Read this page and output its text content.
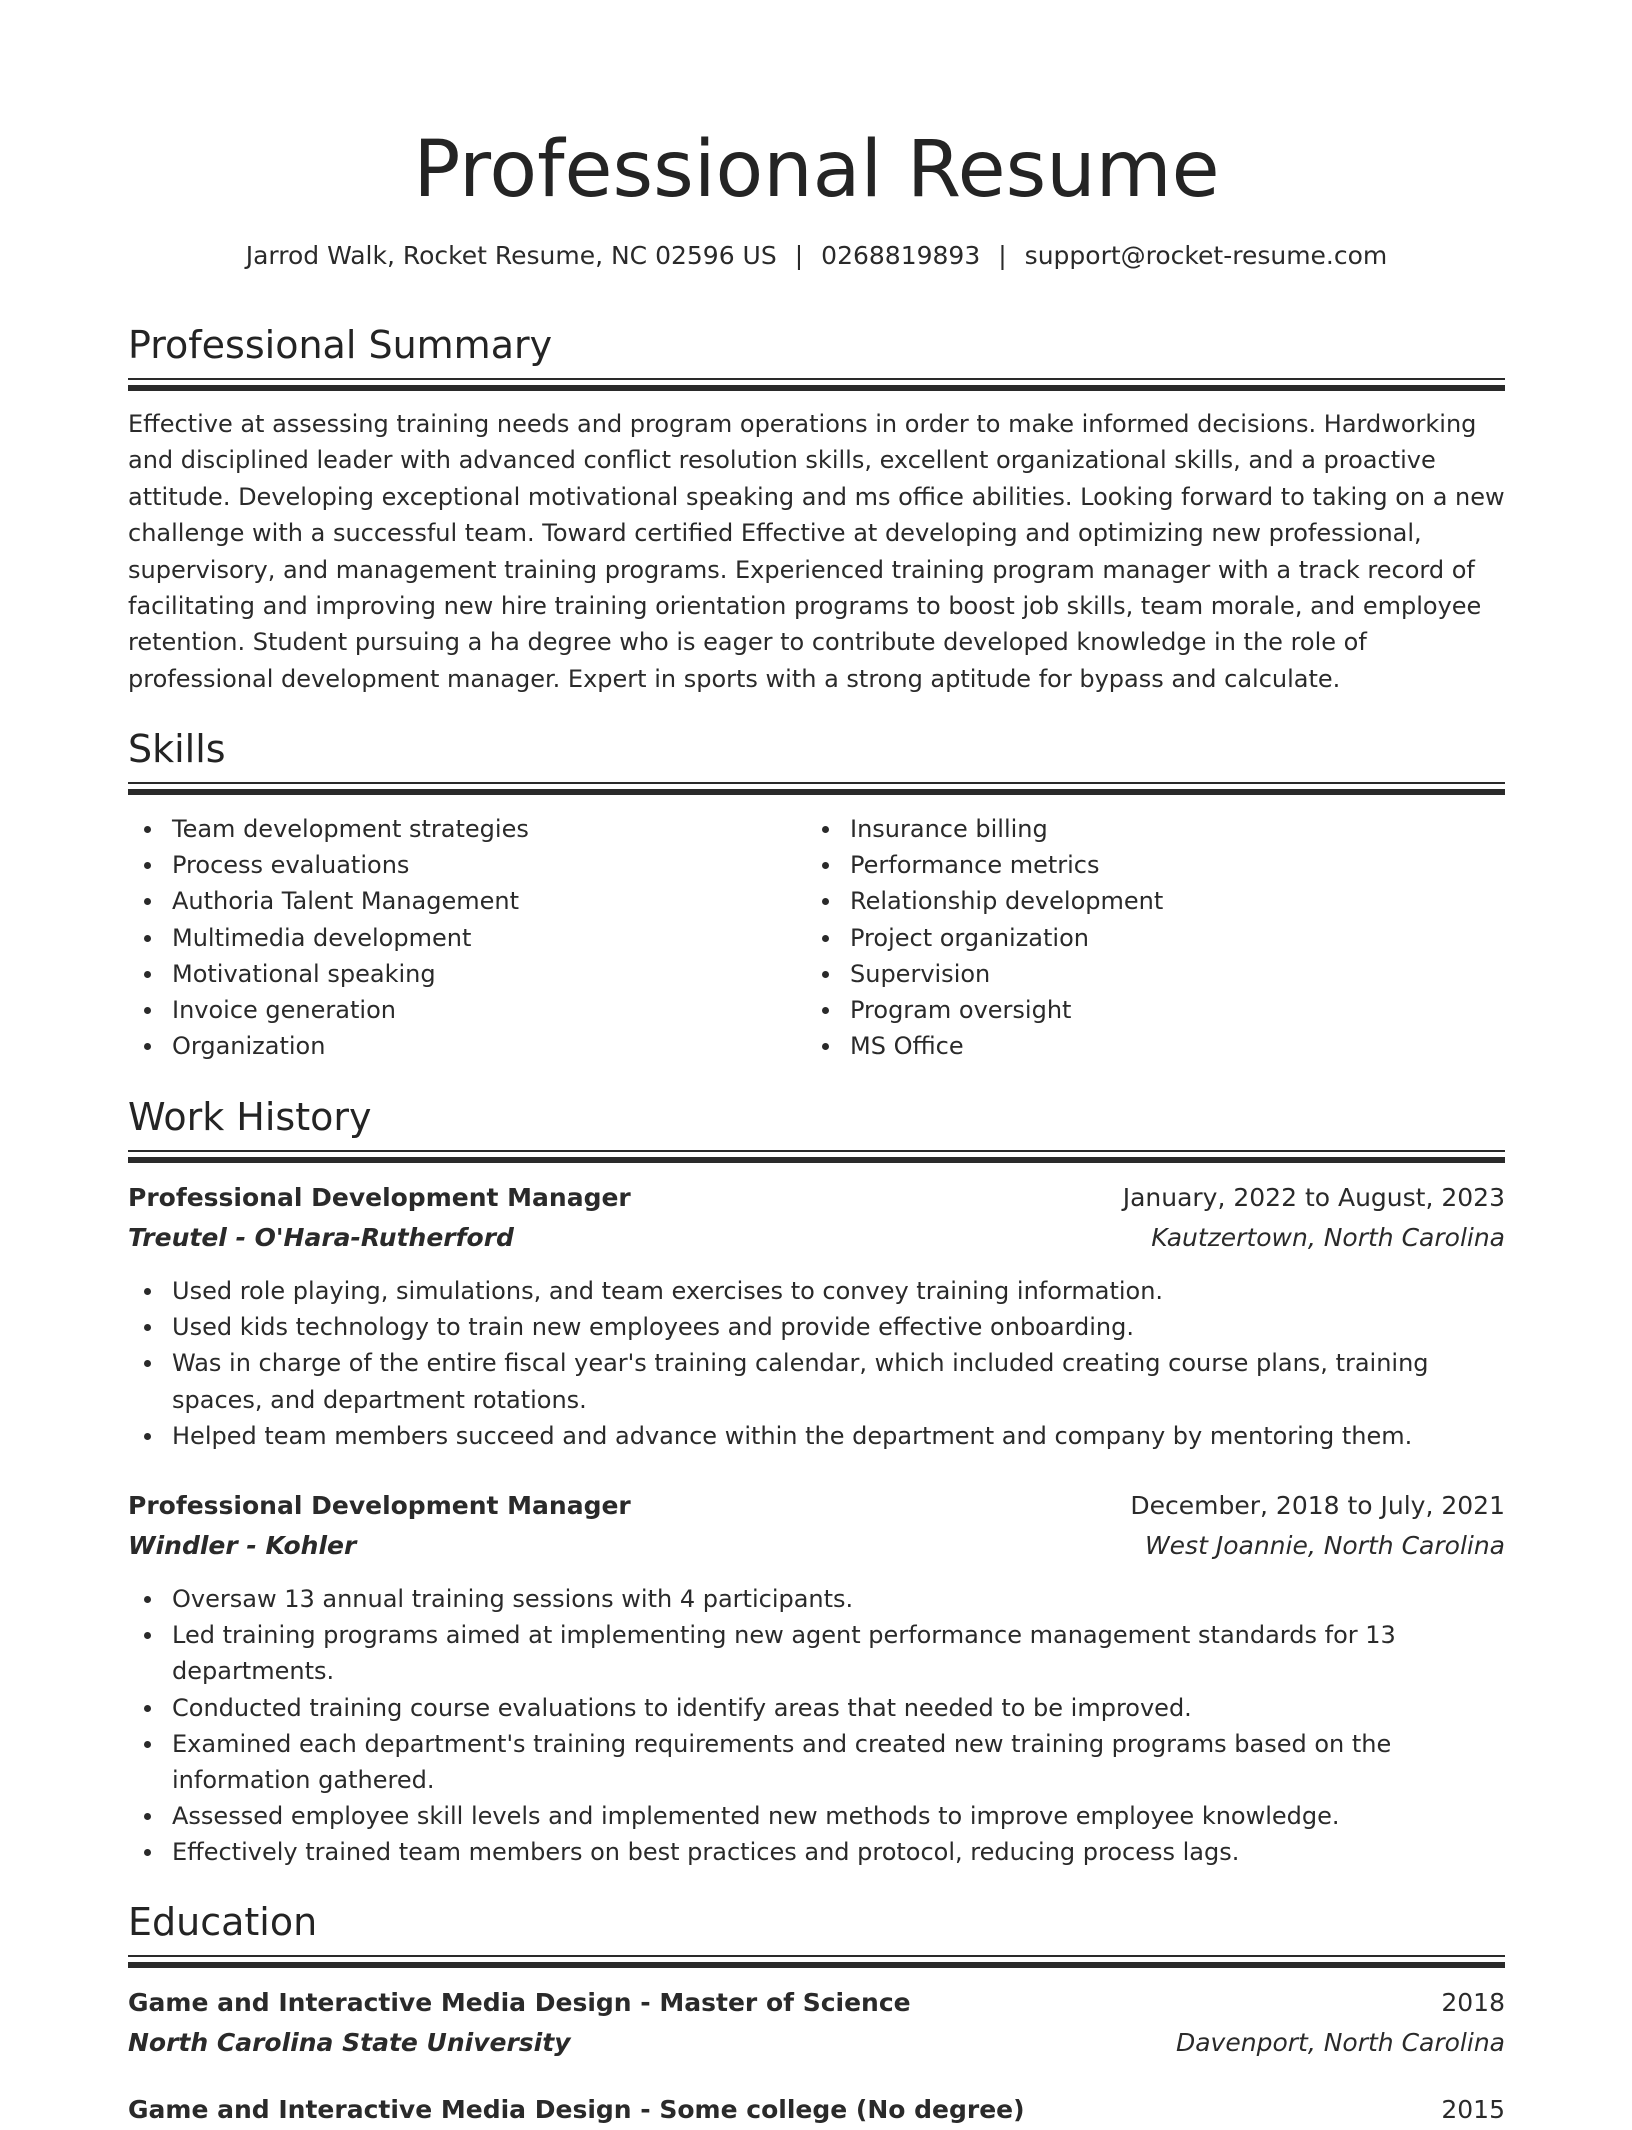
Professional Resume
Jarrod Walk, Rocket Resume, NC 02596 US | 0268819893 | support@rocket-resume.com
Professional Summary

Effective at assessing training needs and program operations in order to make informed decisions. Hardworking and disciplined leader with advanced conflict resolution skills, excellent organizational skills, and a proactive attitude. Developing exceptional motivational speaking and ms office abilities. Looking forward to taking on a new challenge with a successful team. Toward certified Effective at developing and optimizing new professional, supervisory, and management training programs. Experienced training program manager with a track record of facilitating and improving new hire training orientation programs to boost job skills, team morale, and employee retention. Student pursuing a ha degree who is eager to contribute developed knowledge in the role of professional development manager. Expert in sports with a strong aptitude for bypass and calculate.

Skills
Team development strategies
Process evaluations
Authoria Talent Management
Multimedia development
Motivational speaking
Invoice generation
Organization
Insurance billing
Performance metrics
Relationship development
Project organization
Supervision
Program oversight
MS Office
Work History
Professional Development Manager	January, 2022 to August, 2023
Treutel - O'Hara-Rutherford	Kautzertown, North Carolina
Used role playing, simulations, and team exercises to convey training information.
Used kids technology to train new employees and provide effective onboarding.
Was in charge of the entire fiscal year's training calendar, which included creating course plans, training spaces, and department rotations.
Helped team members succeed and advance within the department and company by mentoring them.
Professional Development Manager	December, 2018 to July, 2021
Windler - Kohler	West Joannie, North Carolina
Oversaw 13 annual training sessions with 4 participants.
Led training programs aimed at implementing new agent performance management standards for 13 departments.
Conducted training course evaluations to identify areas that needed to be improved.
Examined each department's training requirements and created new training programs based on the information gathered.
Assessed employee skill levels and implemented new methods to improve employee knowledge.
Effectively trained team members on best practices and protocol, reducing process lags.
Education
Game and Interactive Media Design - Master of Science	2018
North Carolina State University	Davenport, North Carolina
Game and Interactive Media Design - Some college (No degree)	2015
